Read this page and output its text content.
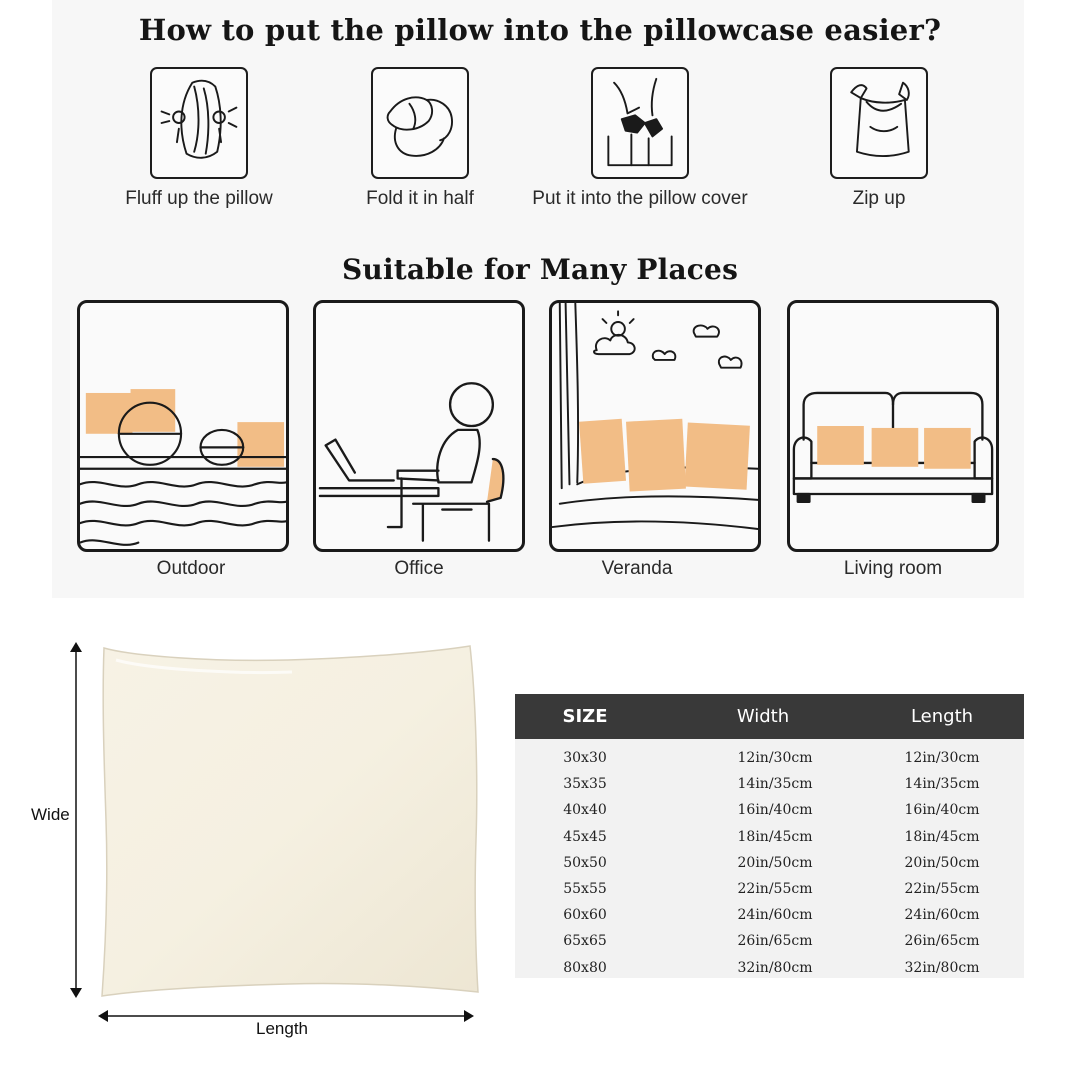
How to put the pillow into the pillowcase easier?
Fluff up the pillow	Fold it in half	Put it into the pillow cover	Zip up
Suitable for Many Places
Outdoor	Office	Veranda	Living room
Wide
Length
SIZE	Width	Length
30x30	12in/30cm	12in/30cm
35x35	14in/35cm	14in/35cm
40x40	16in/40cm	16in/40cm
45x45	18in/45cm	18in/45cm
50x50	20in/50cm	20in/50cm
55x55	22in/55cm	22in/55cm
60x60	24in/60cm	24in/60cm
65x65	26in/65cm	26in/65cm
80x80	32in/80cm	32in/80cm
